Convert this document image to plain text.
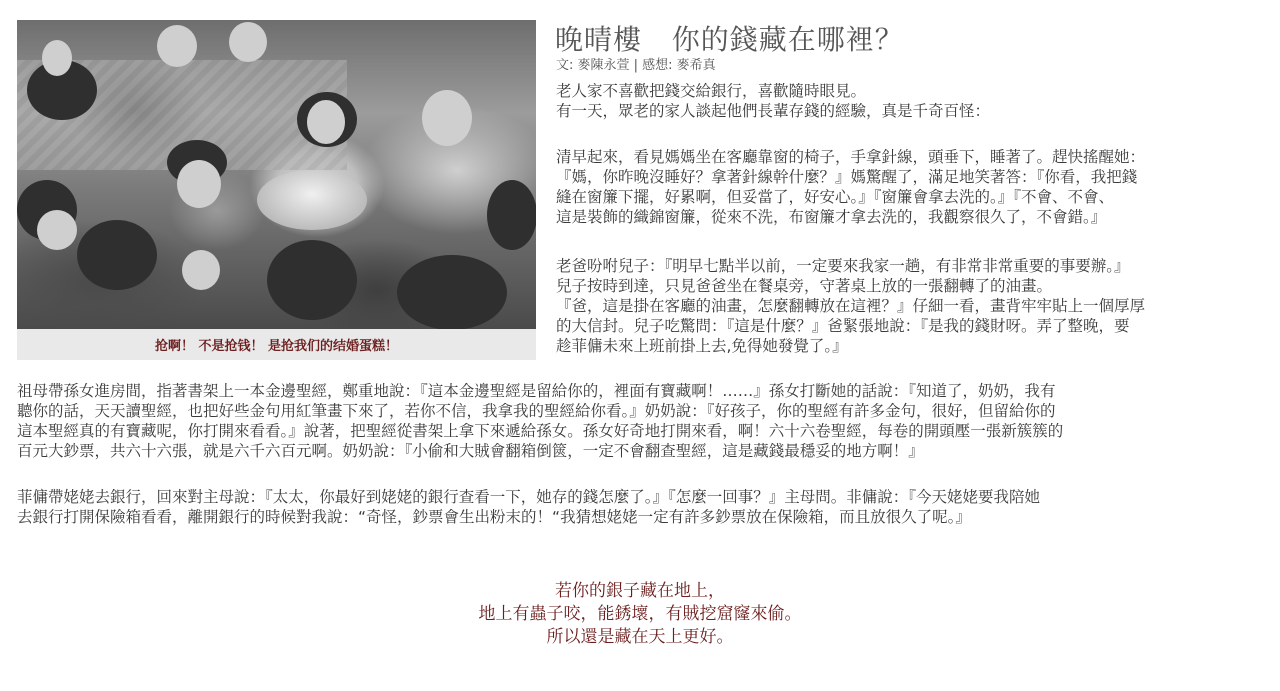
抢啊！ 不是抢钱！ 是抢我们的结婚蛋糕！
晚晴樓   你的錢藏在哪裡？
文: 麥陳永萱 | 感想: 麥希真
老人家不喜歡把錢交給銀行，喜歡隨時眼見。
有一天，眾老的家人談起他們長輩存錢的經驗，真是千奇百怪：
清早起來，看見媽媽坐在客廳靠窗的椅子，手拿針線，頭垂下，睡著了。趕快搖醒她：
『媽，你昨晚沒睡好？拿著針線幹什麼？』媽驚醒了，滿足地笑著答：『你看，我把錢
縫在窗簾下擺，好累啊，但妥當了，好安心。』『窗簾會拿去洗的。』『不會、不會、
這是裝飾的織錦窗簾，從來不洗，布窗簾才拿去洗的，我觀察很久了，不會錯。』
老爸吩咐兒子：『明早七點半以前，一定要來我家一趟，有非常非常重要的事要辦。』
兒子按時到達，只見爸爸坐在餐桌旁，守著桌上放的一張翻轉了的油畫。
『爸，這是掛在客廳的油畫，怎麼翻轉放在這裡？』仔細一看，畫背牢牢貼上一個厚厚
的大信封。兒子吃驚問：『這是什麼？』爸緊張地說：『是我的錢財呀。弄了整晚，要
趁菲傭未來上班前掛上去,免得她發覺了。』
祖母帶孫女進房間，指著書架上一本金邊聖經，鄭重地說：『這本金邊聖經是留給你的，裡面有寶藏啊！……』孫女打斷她的話說：『知道了，奶奶，我有
聽你的話，天天讀聖經，也把好些金句用紅筆畫下來了，若你不信，我拿我的聖經給你看。』奶奶說：『好孩子，你的聖經有許多金句，很好，但留給你的
這本聖經真的有寶藏呢，你打開來看看。』說著，把聖經從書架上拿下來遞給孫女。孫女好奇地打開來看，啊！六十六卷聖經，每卷的開頭壓一張新簇簇的
百元大鈔票，共六十六張，就是六千六百元啊。奶奶說：『小偷和大賊會翻箱倒篋，一定不會翻查聖經，這是藏錢最穩妥的地方啊！』
菲傭帶姥姥去銀行，回來對主母說：『太太，你最好到姥姥的銀行查看一下，她存的錢怎麼了。』『怎麼一回事？』主母問。非傭說：『今天姥姥要我陪她
去銀行打開保險箱看看，離開銀行的時候對我說：“奇怪，鈔票會生出粉末的！“我猜想姥姥一定有許多鈔票放在保險箱，而且放很久了呢。』
若你的銀子藏在地上，
地上有蟲子咬，能銹壞，有賊挖窟窿來偷。
所以還是藏在天上更好。
